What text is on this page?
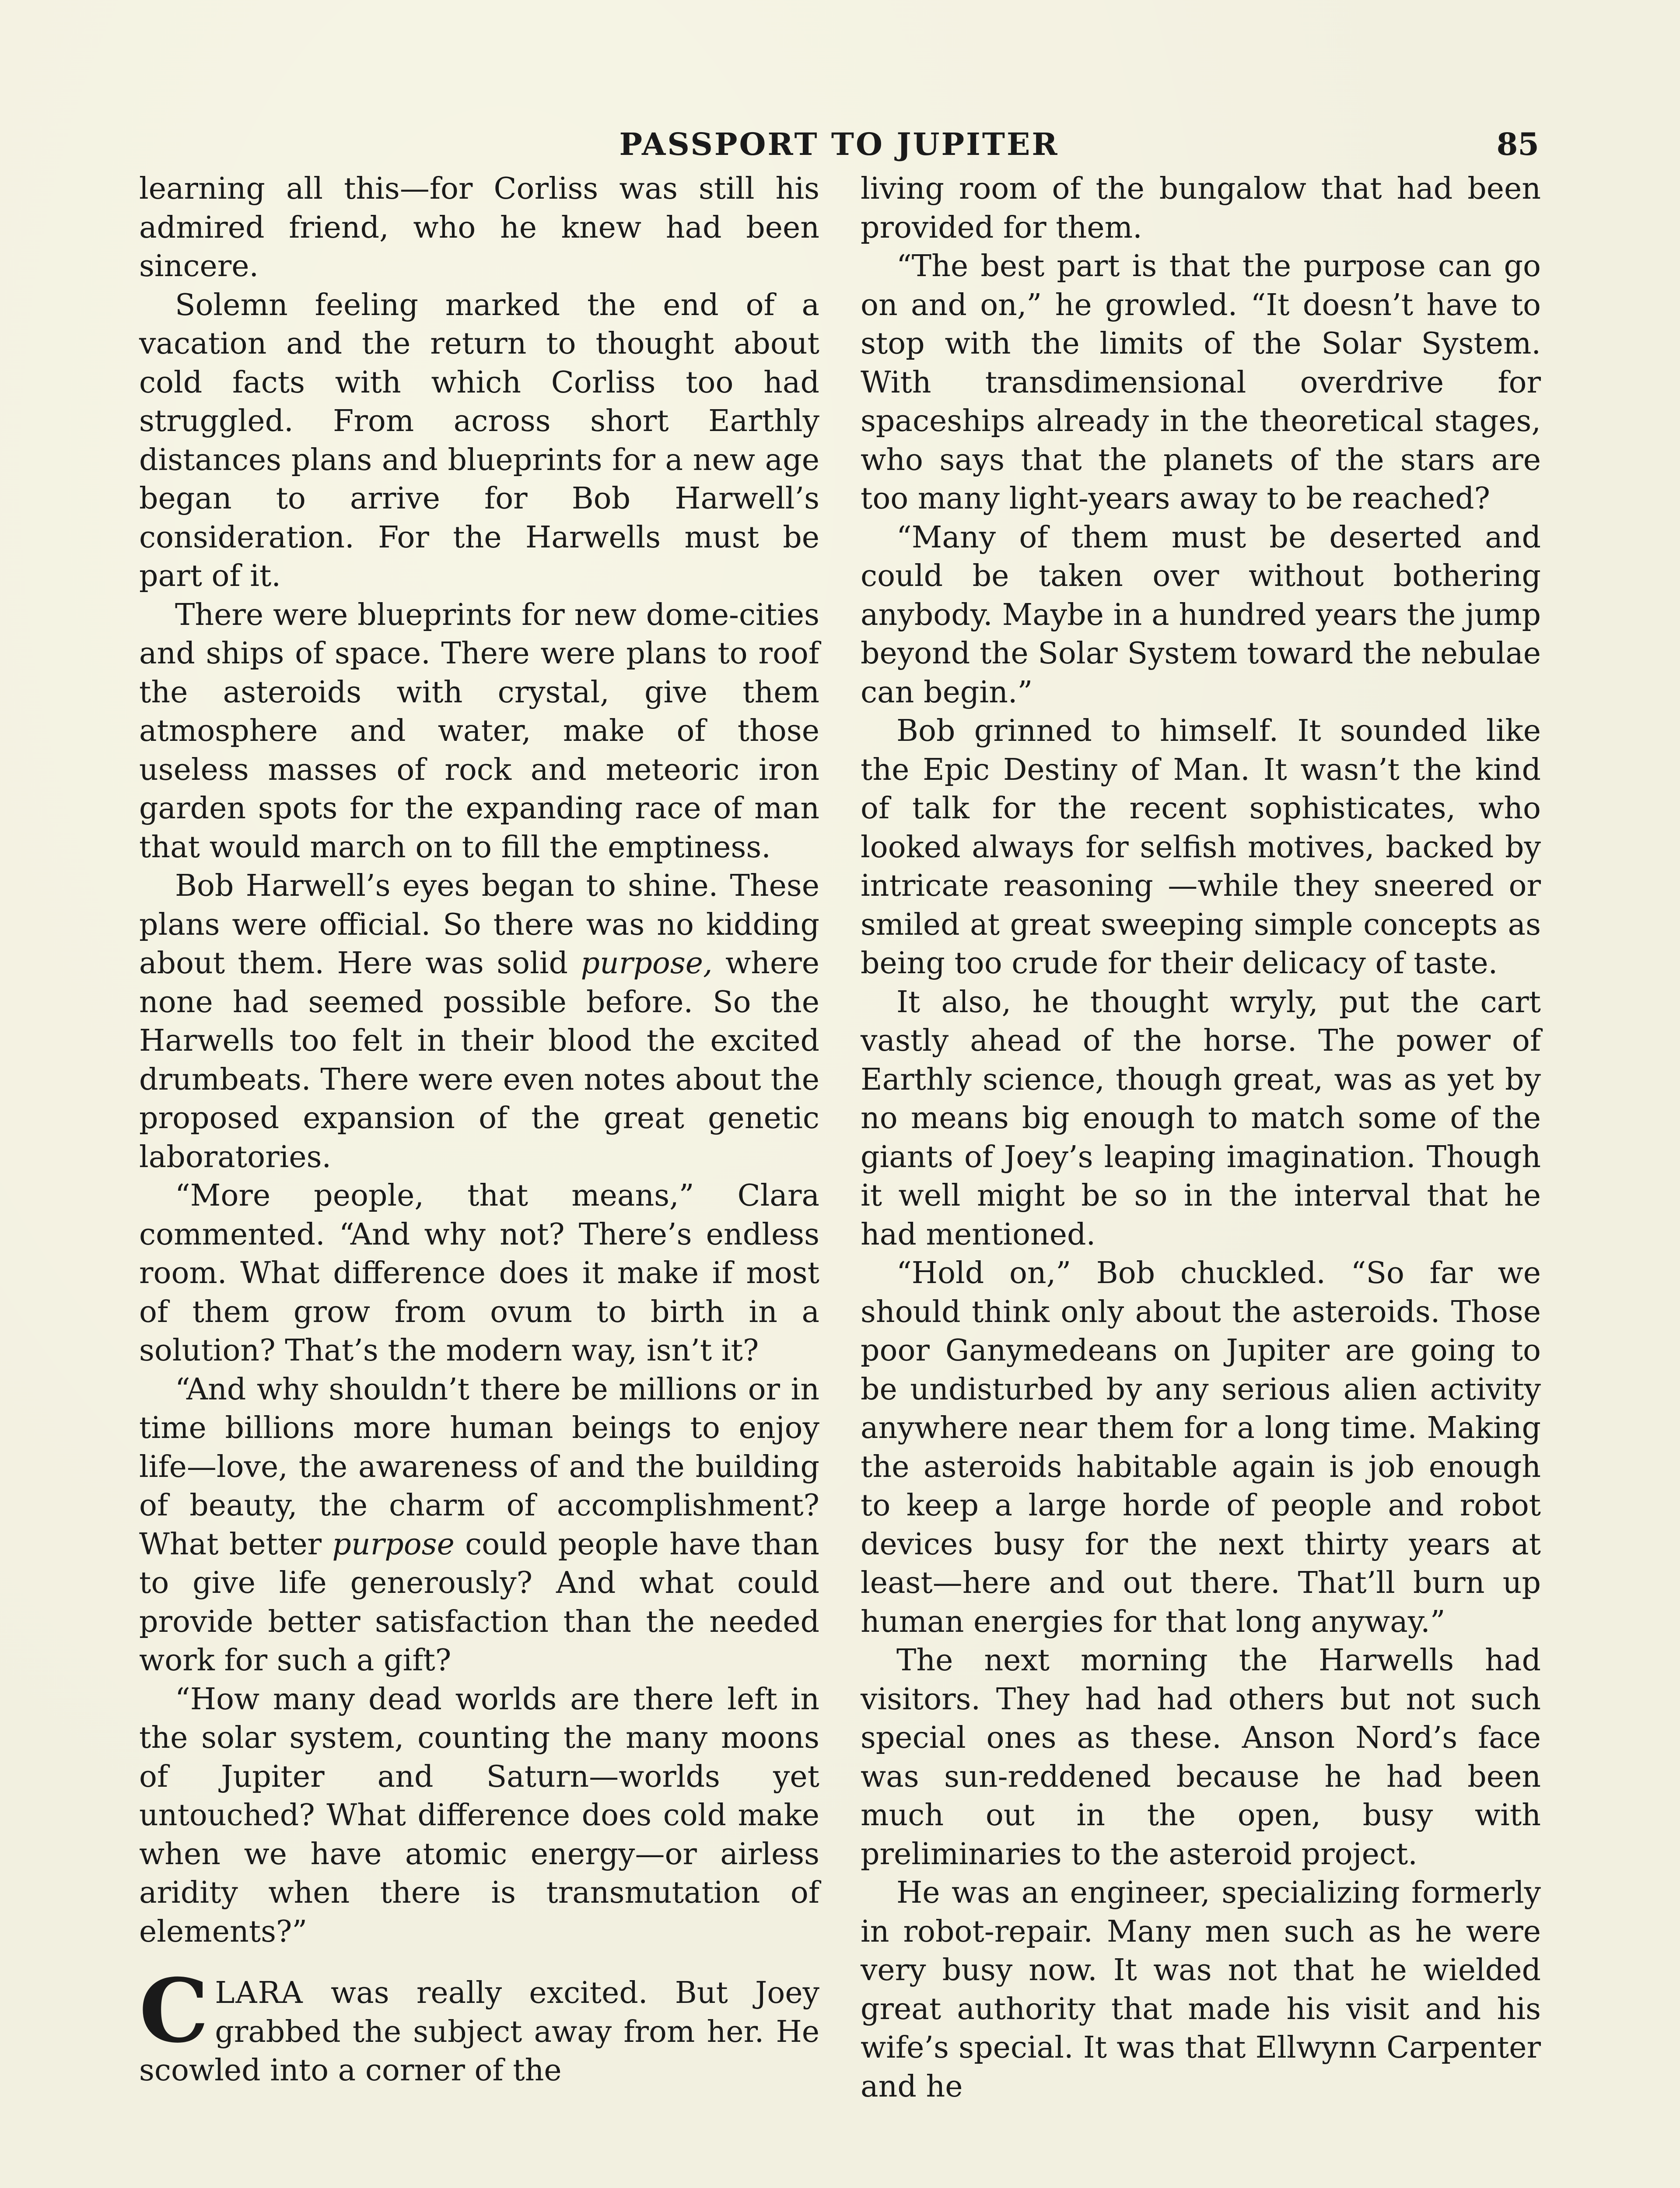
PASSPORT TO JUPITER	85

learning all this—for Corliss was still his admired friend, who he knew had been sincere.

Solemn feeling marked the end of a vacation and the return to thought about cold facts with which Corliss too had struggled. From across short Earthly distances plans and blueprints for a new age began to arrive for Bob Harwell’s consideration. For the Harwells must be part of it.

There were blueprints for new dome-cities and ships of space. There were plans to roof the asteroids with crystal, give them atmosphere and water, make of those useless masses of rock and meteoric iron garden spots for the expanding race of man that would march on to fill the emptiness.

Bob Harwell’s eyes began to shine. These plans were official. So there was no kidding about them. Here was solid purpose, where none had seemed possible before. So the Harwells too felt in their blood the excited drumbeats. There were even notes about the proposed expansion of the great genetic laboratories.

“More people, that means,” Clara commented. “And why not? There’s endless room. What difference does it make if most of them grow from ovum to birth in a solution? That’s the modern way, isn’t it?

“And why shouldn’t there be millions or in time billions more human beings to enjoy life—love, the awareness of and the building of beauty, the charm of accomplishment? What better purpose could people have than to give life generously? And what could provide better satisfaction than the needed work for such a gift?

“How many dead worlds are there left in the solar system, counting the many moons of Jupiter and Saturn—worlds yet untouched? What difference does cold make when we have atomic energy—or airless aridity when there is transmutation of elements?”

CLARA was really excited. But Joey grabbed the subject away from her. He scowled into a corner of the

living room of the bungalow that had been provided for them.

“The best part is that the purpose can go on and on,” he growled. “It doesn’t have to stop with the limits of the Solar System. With transdimensional overdrive for spaceships already in the theoretical stages, who says that the planets of the stars are too many light-years away to be reached?

“Many of them must be deserted and could be taken over without bothering anybody. Maybe in a hundred years the jump beyond the Solar System toward the nebulae can begin.”

Bob grinned to himself. It sounded like the Epic Destiny of Man. It wasn’t the kind of talk for the recent sophisticates, who looked always for selfish motives, backed by intricate reasoning —while they sneered or smiled at great sweeping simple concepts as being too crude for their delicacy of taste.

It also, he thought wryly, put the cart vastly ahead of the horse. The power of Earthly science, though great, was as yet by no means big enough to match some of the giants of Joey’s leaping imagination. Though it well might be so in the interval that he had mentioned.

“Hold on,” Bob chuckled. “So far we should think only about the asteroids. Those poor Ganymedeans on Jupiter are going to be undisturbed by any serious alien activity anywhere near them for a long time. Making the asteroids habitable again is job enough to keep a large horde of people and robot devices busy for the next thirty years at least—here and out there. That’ll burn up human energies for that long anyway.”

The next morning the Harwells had visitors. They had had others but not such special ones as these. Anson Nord’s face was sun-reddened because he had been much out in the open, busy with preliminaries to the asteroid project.

He was an engineer, specializing formerly in robot-repair. Many men such as he were very busy now. It was not that he wielded great authority that made his visit and his wife’s special. It was that Ellwynn Carpenter and he
